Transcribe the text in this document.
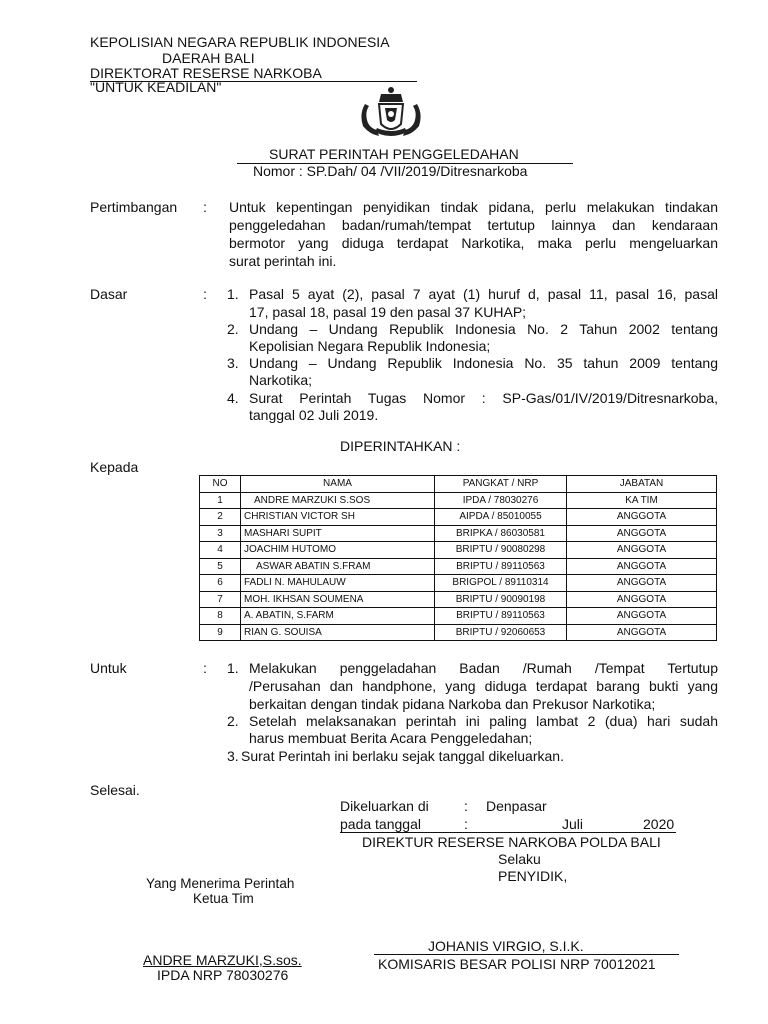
KEPOLISIAN NEGARA REPUBLIK INDONESIA
DAERAH BALI
DIREKTORAT RESERSE NARKOBA
"UNTUK KEADILAN"
SURAT PERINTAH PENGGELEDAHAN
Nomor : SP.Dah/ 04 /VII/2019/Ditresnarkoba
Pertimbangan : Untuk kepentingan penyidikan tindak pidana, perlu melakukan tindakan
penggeledahan badan/rumah/tempat tertutup lainnya dan kendaraan
bermotor yang diduga terdapat Narkotika, maka perlu mengeluarkan
surat perintah ini.
Dasar	: 1. Pasal 5 ayat (2), pasal 7 ayat (1) huruf d, pasal 11, pasal 16, pasal
17, pasal 18, pasal 19 den pasal 37 KUHAP;
2. Undang – Undang Republik Indonesia No. 2 Tahun 2002 tentang
Kepolisian Negara Republik Indonesia;
3. Undang – Undang Republik Indonesia No. 35 tahun 2009 tentang
Narkotika;
4. Surat Perintah Tugas Nomor : SP-Gas/01/IV/2019/Ditresnarkoba,
tanggal 02 Juli 2019.
DIPERINTAHKAN :
Kepada
NO	NAMA	PANGKAT / NRP	JABATAN
1	ANDRE MARZUKI S.SOS	IPDA / 78030276	KA TIM
2	CHRISTIAN VICTOR SH	AIPDA / 85010055	ANGGOTA
3	MASHARI SUPIT	BRIPKA / 86030581	ANGGOTA
4	JOACHIM HUTOMO	BRIPTU / 90080298	ANGGOTA
5	ASWAR ABATIN S.FRAM	BRIPTU / 89110563	ANGGOTA
6	FADLI N. MAHULAUW	BRIGPOL / 89110314	ANGGOTA
7	MOH. IKHSAN SOUMENA	BRIPTU / 90090198	ANGGOTA
8	A. ABATIN, S.FARM	BRIPTU / 89110563	ANGGOTA
9	RIAN G. SOUISA	BRIPTU / 92060653	ANGGOTA
Untuk	: 1. Melakukan penggeladahan Badan /Rumah /Tempat Tertutup
/Perusahan dan handphone, yang diduga terdapat barang bukti yang
berkaitan dengan tindak pidana Narkoba dan Prekusor Narkotika;
2. Setelah melaksanakan perintah ini paling lambat 2 (dua) hari sudah
harus membuat Berita Acara Penggeledahan;
3. Surat Perintah ini berlaku sejak tanggal dikeluarkan.
Selesai.
Dikeluarkan di	: Denpasar
pada tanggal	:	Juli	2020
DIREKTUR RESERSE NARKOBA POLDA BALI
Selaku
PENYIDIK,
JOHANIS VIRGIO, S.I.K.
KOMISARIS BESAR POLISI NRP 70012021
Yang Menerima Perintah
Ketua Tim
ANDRE MARZUKI,S.sos.
IPDA NRP 78030276
